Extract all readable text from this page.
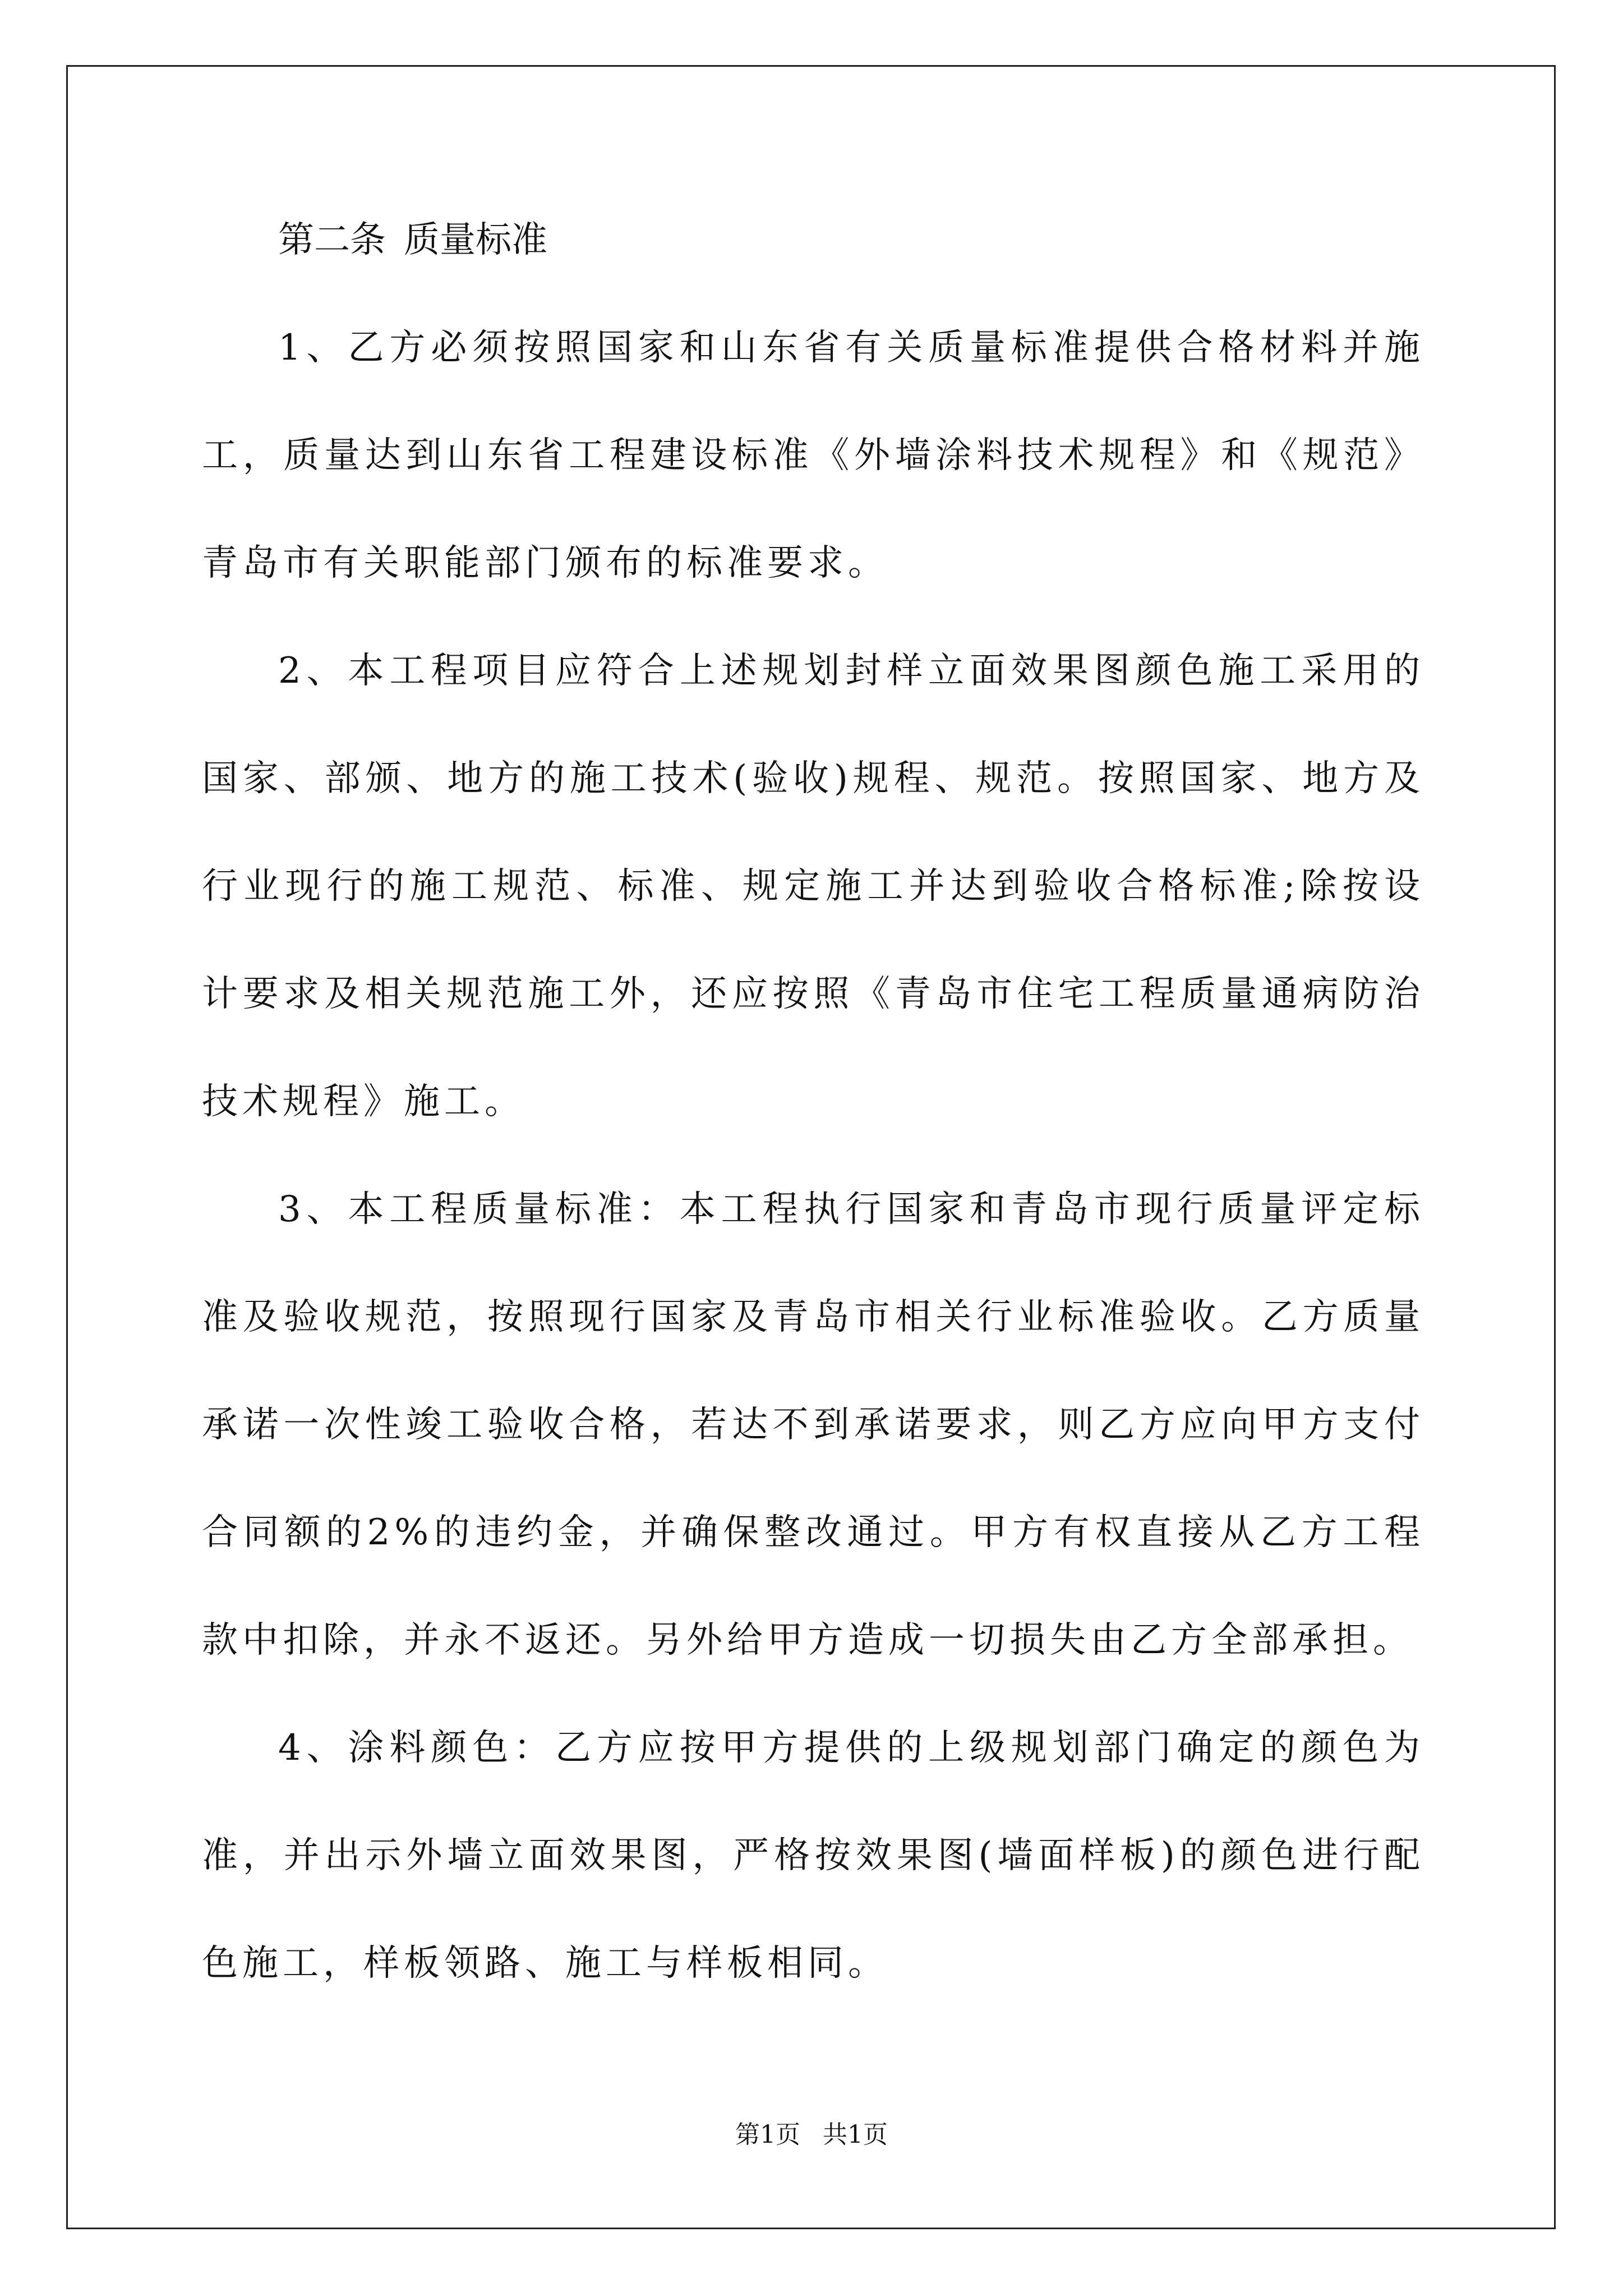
第二条 质量标准

1、乙方必须按照国家和山东省有关质量标准提供合格材料并施工，质量达到山东省工程建设标准《外墙涂料技术规程》和《规范》青岛市有关职能部门颁布的标准要求。

2、本工程项目应符合上述规划封样立面效果图颜色施工采用的国家、部颁、地方的施工技术(验收)规程、规范。按照国家、地方及行业现行的施工规范、标准、规定施工并达到验收合格标准;除按设计要求及相关规范施工外，还应按照《青岛市住宅工程质量通病防治技术规程》施工。

3、本工程质量标准：本工程执行国家和青岛市现行质量评定标准及验收规范，按照现行国家及青岛市相关行业标准验收。乙方质量承诺一次性竣工验收合格，若达不到承诺要求，则乙方应向甲方支付合同额的2%的违约金，并确保整改通过。甲方有权直接从乙方工程款中扣除，并永不返还。另外给甲方造成一切损失由乙方全部承担。

4、涂料颜色：乙方应按甲方提供的上级规划部门确定的颜色为准，并出示外墙立面效果图，严格按效果图(墙面样板)的颜色进行配色施工，样板领路、施工与样板相同。

第1页 共1页
